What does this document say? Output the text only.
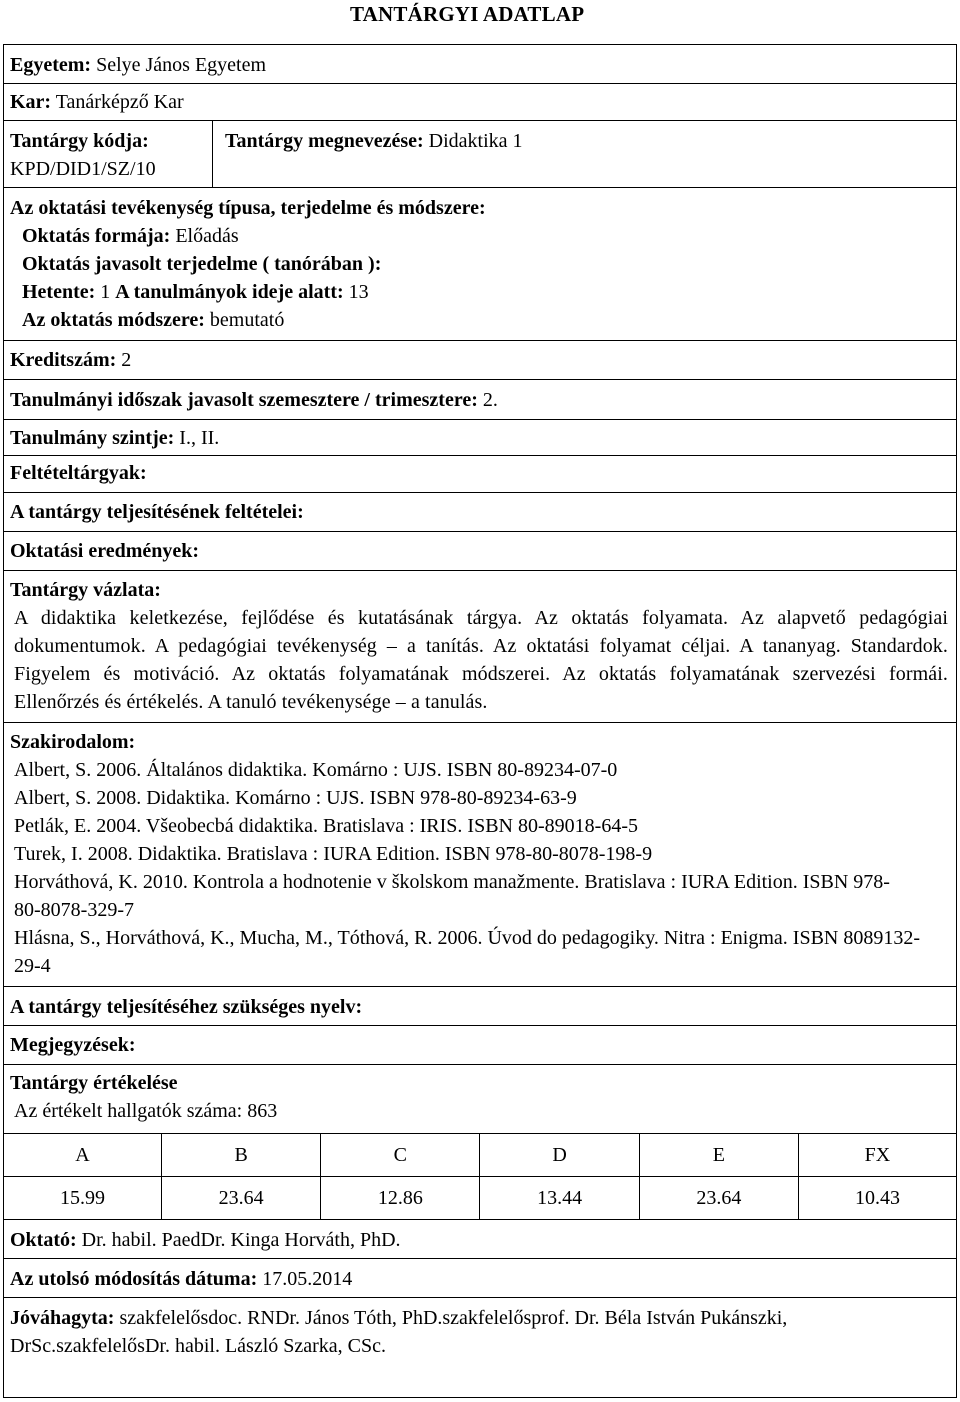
TANTÁRGYI ADATLAP
Egyetem: Selye János Egyetem
Kar: Tanárképző Kar
Tantárgy kódja:
KPD/DID1/SZ/10
Tantárgy megnevezése: Didaktika 1
Az oktatási tevékenység típusa, terjedelme és módszere:
Oktatás formája: Előadás
Oktatás javasolt terjedelme ( tanórában ):
Hetente: 1 A tanulmányok ideje alatt: 13
Az oktatás módszere: bemutató
Kreditszám: 2
Tanulmányi időszak javasolt szemesztere / trimesztere: 2.
Tanulmány szintje: I., II.
Feltételtárgyak:
A tantárgy teljesítésének feltételei:
Oktatási eredmények:
Tantárgy vázlata:
A didaktika keletkezése, fejlődése és kutatásának tárgya. Az oktatás folyamata. Az alapvető pedagógiai dokumentumok. A pedagógiai tevékenység – a tanítás. Az oktatási folyamat céljai. A tananyag. Standardok. Figyelem és motiváció. Az oktatás folyamatának módszerei. Az oktatás folyamatának szervezési formái. Ellenőrzés és értékelés. A tanuló tevékenysége – a tanulás.
Szakirodalom:
Albert, S. 2006. Általános didaktika. Komárno : UJS. ISBN 80-89234-07-0
Albert, S. 2008. Didaktika. Komárno : UJS. ISBN 978-80-89234-63-9
Petlák, E. 2004. Všeobecbá didaktika. Bratislava : IRIS. ISBN 80-89018-64-5
Turek, I. 2008. Didaktika. Bratislava : IURA Edition. ISBN 978-80-8078-198-9
Horváthová, K. 2010. Kontrola a hodnotenie v školskom manažmente. Bratislava : IURA Edition. ISBN 978-80-8078-329-7
Hlásna, S., Horváthová, K., Mucha, M., Tóthová, R. 2006. Úvod do pedagogiky. Nitra : Enigma. ISBN 8089132-29-4
A tantárgy teljesítéséhez szükséges nyelv:
Megjegyzések:
Tantárgy értékelése
Az értékelt hallgatók száma: 863
A	B	C	D	E	FX
15.99	23.64	12.86	13.44	23.64	10.43
Oktató: Dr. habil. PaedDr. Kinga Horváth, PhD.
Az utolsó módosítás dátuma: 17.05.2014
Jóváhagyta: szakfelelősdoc. RNDr. János Tóth, PhD.szakfelelősprof. Dr. Béla István Pukánszki, DrSc.szakfelelősDr. habil. László Szarka, CSc.
